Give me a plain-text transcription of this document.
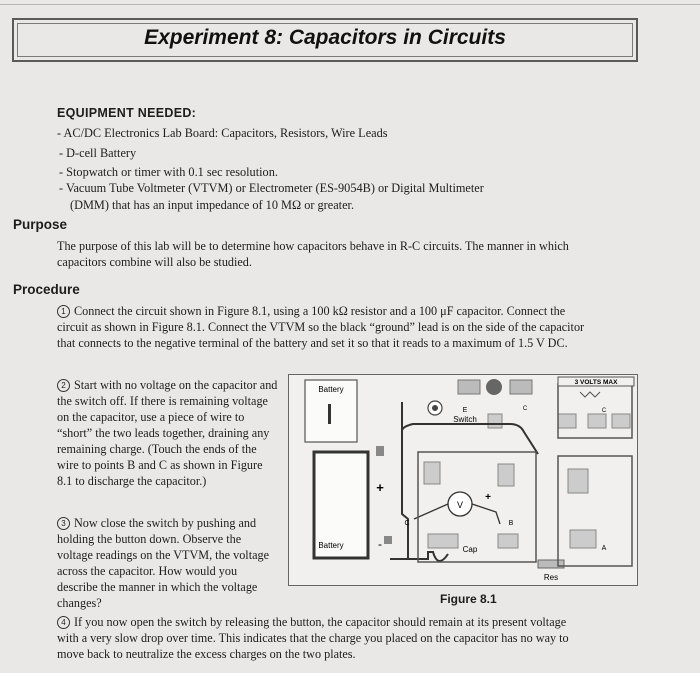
Experiment 8: Capacitors in Circuits
EQUIPMENT NEEDED:
- AC/DC Electronics Lab Board: Capacitors, Resistors, Wire Leads
- D-cell Battery
- Stopwatch or timer with 0.1 sec resolution.
- Vacuum Tube Voltmeter (VTVM) or Electrometer (ES-9054B) or Digital Multimeter
(DMM) that has an input impedance of 10 MΩ or greater.
Purpose
The purpose of this lab will be to determine how capacitors behave in R-C circuits. The manner in which capacitors combine will also be studied.
Procedure
1 Connect the circuit shown in Figure 8.1, using a 100 kΩ resistor and a 100 μF capacitor. Connect the circuit as shown in Figure 8.1. Connect the VTVM so the black “ground” lead is on the side of the capacitor that connects to the negative terminal of the battery and set it so that it reads to a maximum of 1.5 V DC.
2 Start with no voltage on the capacitor and the switch off. If there is remaining voltage on the capacitor, use a piece of wire to “short” the two leads together, draining any remaining charge. (Touch the ends of the wire to points B and C as shown in Figure 8.1 to discharge the capacitor.)
3 Now close the switch by pushing and holding the button down. Observe the voltage readings on the VTVM, the voltage across the capacitor. How would you describe the manner in which the voltage changes?
4 If you now open the switch by releasing the button, the capacitor should remain at its present voltage with a very slow drop over time. This indicates that the charge you placed on the capacitor has no way to move back to neutralize the excess charges on the two plates.
Battery
Battery
+
-
E
Switch
C
V
+
C	B
Cap
Res
3 VOLTS MAX
C
A
Figure 8.1
